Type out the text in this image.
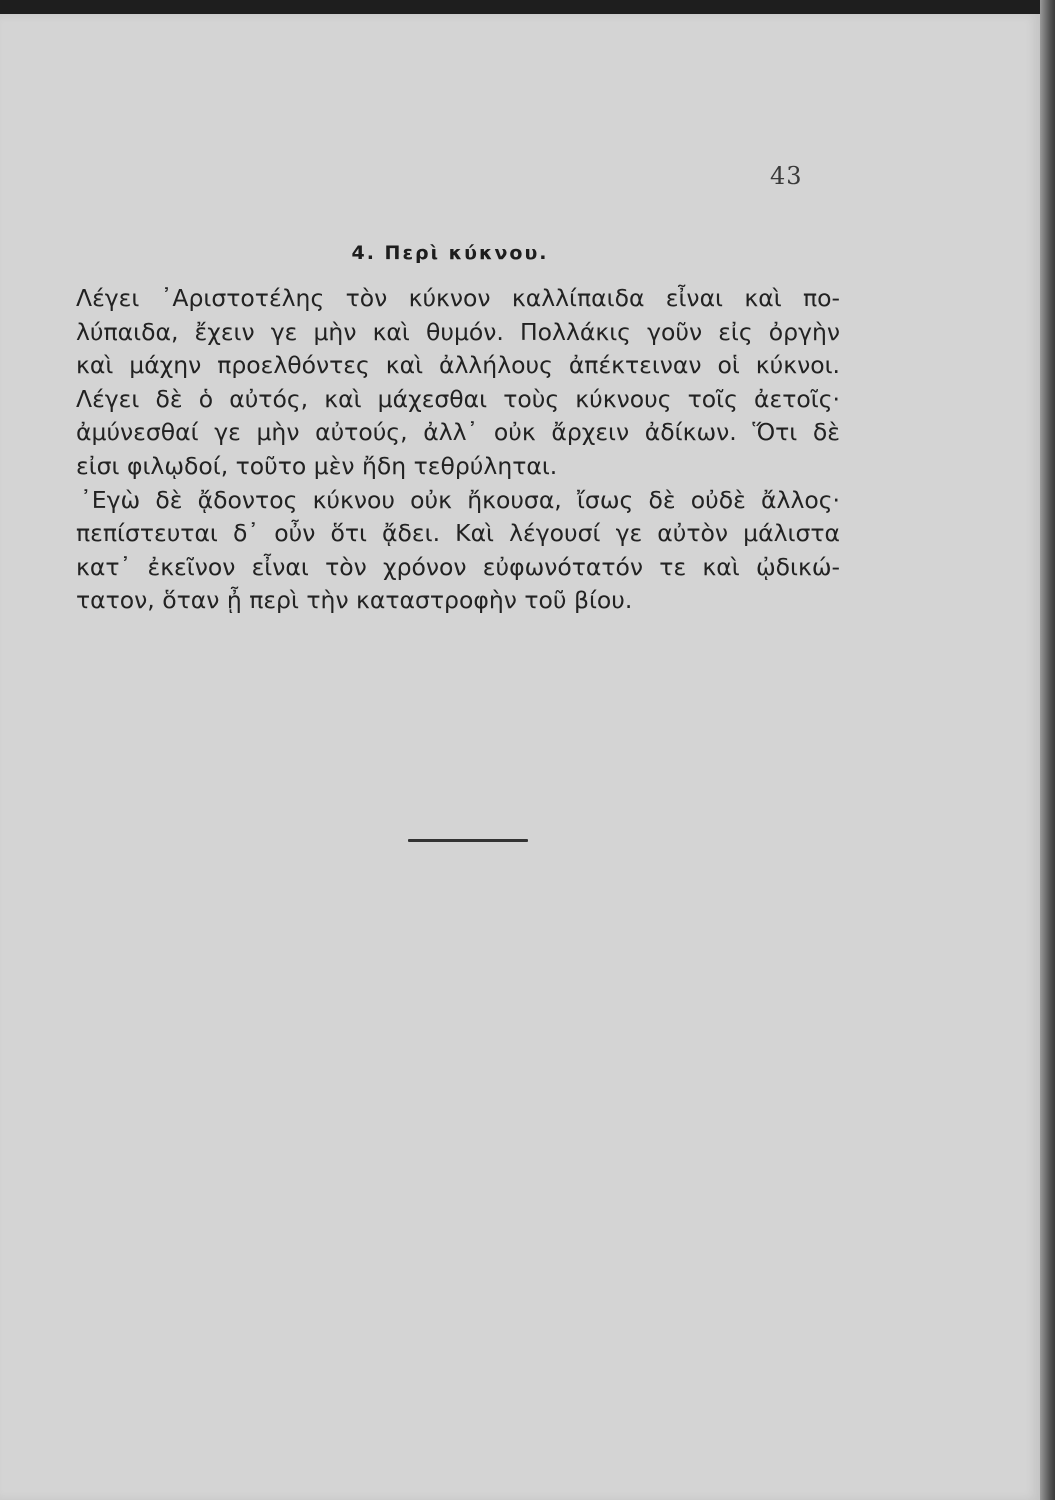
43
4. Περὶ κύκνου.
Λέγει ᾿Αριστοτέλης τὸν κύκνον καλλίπαιδα εἶναι καὶ πο-
λύπαιδα, ἔχειν γε μὴν καὶ θυμόν. Πολλάκις γοῦν εἰς ὀργὴν
καὶ μάχην προελθόντες καὶ ἀλλήλους ἀπέκτειναν οἱ κύκνοι.
Λέγει δὲ ὁ αὐτός, καὶ μάχεσθαι τοὺς κύκνους τοῖς ἀετοῖς·
ἀμύνεσθαί γε μὴν αὐτούς, ἀλλ᾿ οὐκ ἄρχειν ἀδίκων. Ὅτι δὲ
εἰσι φιλῳδοί, τοῦτο μὲν ἤδη τεθρύληται.
᾿Εγὼ δὲ ᾄδοντος κύκνου οὐκ ἤκουσα, ἴσως δὲ οὐδὲ ἄλλος·
πεπίστευται δ᾿ οὖν ὅτι ᾄδει. Καὶ λέγουσί γε αὐτὸν μάλιστα
κατ᾿ ἐκεῖνον εἶναι τὸν χρόνον εὐφωνότατόν τε καὶ ᾠδικώ-
τατον, ὅταν ᾖ περὶ τὴν καταστροφὴν τοῦ βίου.
